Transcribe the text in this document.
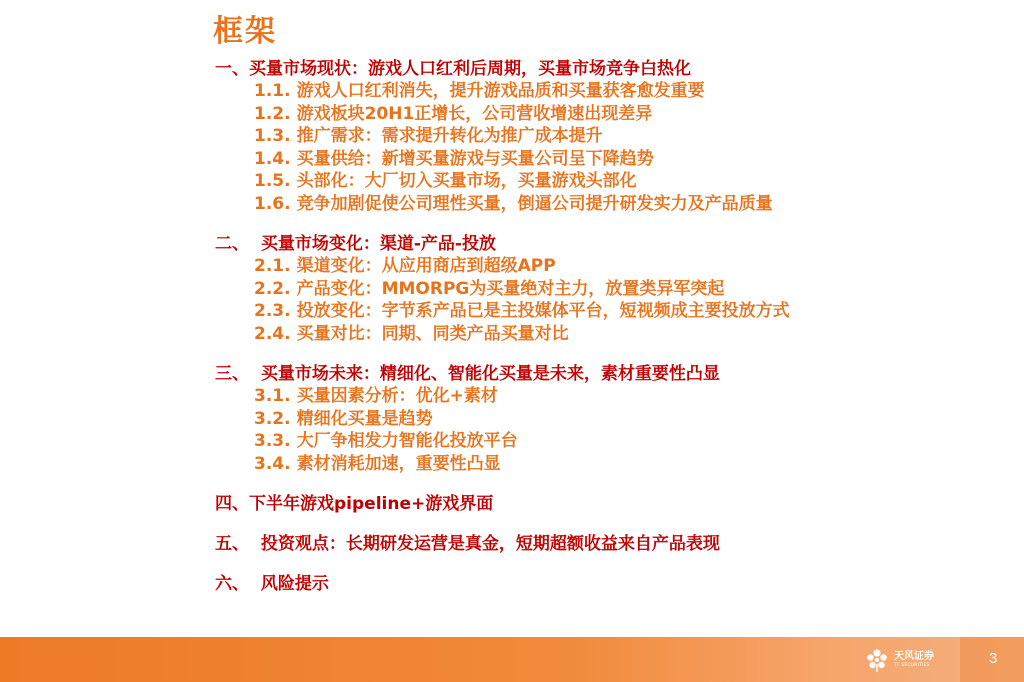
框架
一、买量市场现状：游戏人口红利后周期，买量市场竞争白热化
1.1. 游戏人口红利消失，提升游戏品质和买量获客愈发重要
1.2. 游戏板块20H1正增长，公司营收增速出现差异
1.3. 推广需求：需求提升转化为推广成本提升
1.4. 买量供给：新增买量游戏与买量公司呈下降趋势
1.5. 头部化：大厂切入买量市场，买量游戏头部化
1.6. 竞争加剧促使公司理性买量，倒逼公司提升研发实力及产品质量
二、 买量市场变化：渠道-产品-投放
2.1. 渠道变化：从应用商店到超级APP
2.2. 产品变化：MMORPG为买量绝对主力，放置类异军突起
2.3. 投放变化：字节系产品已是主投媒体平台，短视频成主要投放方式
2.4. 买量对比：同期、同类产品买量对比
三、 买量市场未来：精细化、智能化买量是未来，素材重要性凸显
3.1. 买量因素分析：优化+素材
3.2. 精细化买量是趋势
3.3. 大厂争相发力智能化投放平台
3.4. 素材消耗加速，重要性凸显
四、下半年游戏pipeline+游戏界面
五、 投资观点：长期研发运营是真金，短期超额收益来自产品表现
六、 风险提示
天风证券
TF SECURITIES	3
